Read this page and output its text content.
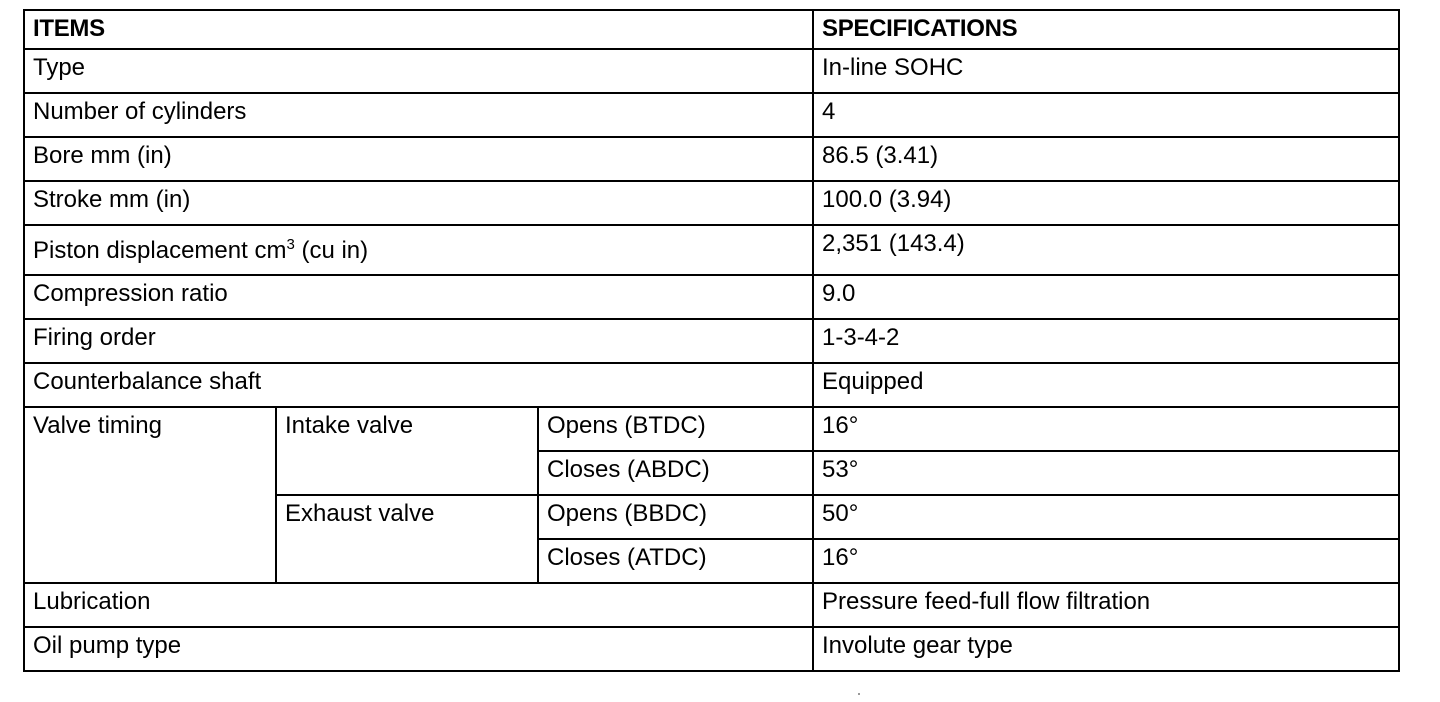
ITEMS			SPECIFICATIONS
Type			In-line SOHC
Number of cylinders			4
Bore mm (in)			86.5 (3.41)
Stroke mm (in)			100.0 (3.94)
Piston displacement $cm^3$ (cu in)			2,351 (143.4)
Compression ratio			9.0
Firing order			1-3-4-2
Counterbalance shaft			Equipped
Valve timing	Intake valve	Opens (BTDC)	16°
		Closes (ABDC)	53°
	Exhaust valve	Opens (BBDC)	50°
		Closes (ATDC)	16°
Lubrication			Pressure feed-full flow filtration
Oil pump type			Involute gear type
